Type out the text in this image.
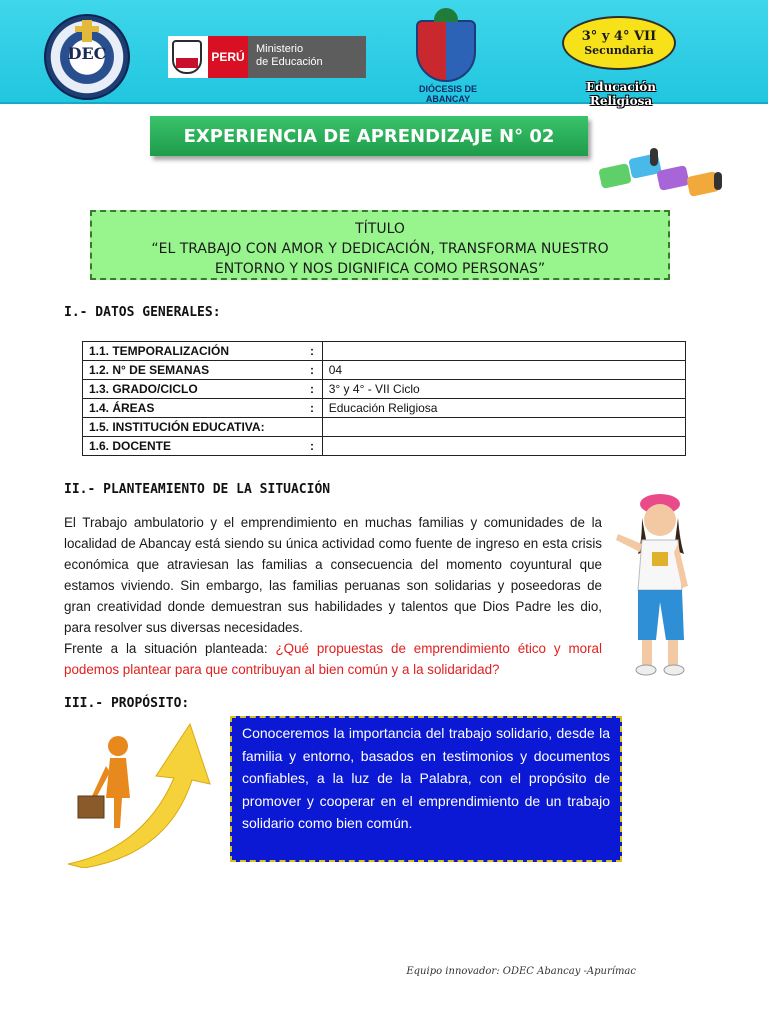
DEC	PERÚ
Ministerio
de Educación
DIÓCESIS DE ABANCAY
3° y 4° VII
Secundaria
Educación Religiosa
EXPERIENCIA DE APRENDIZAJE N° 02
TÍTULO
“EL TRABAJO CON AMOR Y DEDICACIÓN, TRANSFORMA NUESTRO
ENTORNO Y NOS DIGNIFICA COMO PERSONAS”
I.- DATOS GENERALES:
1.1. TEMPORALIZACIÓN	:	
1.2. N° DE SEMANAS	:	04
1.3. GRADO/CICLO	:	3° y 4° - VII Ciclo
1.4. ÁREAS	:	Educación Religiosa
1.5. INSTITUCIÓN EDUCATIVA:		
1.6. DOCENTE	:	
II.- PLANTEAMIENTO DE LA SITUACIÓN
El Trabajo ambulatorio y el emprendimiento en muchas familias y comunidades de la localidad de Abancay está siendo su única actividad como fuente de ingreso en esta crisis económica que atraviesan las familias a consecuencia del momento coyuntural que estamos viviendo. Sin embargo, las familias peruanas son solidarias y poseedoras de gran creatividad donde demuestran sus habilidades y talentos que Dios Padre les dio, para resolver sus diversas necesidades.
Frente a la situación planteada: ¿Qué propuestas de emprendimiento ético y moral podemos plantear para que contribuyan al bien común y a la solidaridad?
III.- PROPÓSITO:
Conoceremos la importancia del trabajo solidario, desde la familia y entorno, basados en testimonios y documentos confiables, a la luz de la Palabra, con el propósito de promover y cooperar en el emprendimiento de un trabajo solidario como bien común.
Equipo innovador: ODEC Abancay -Apurímac
